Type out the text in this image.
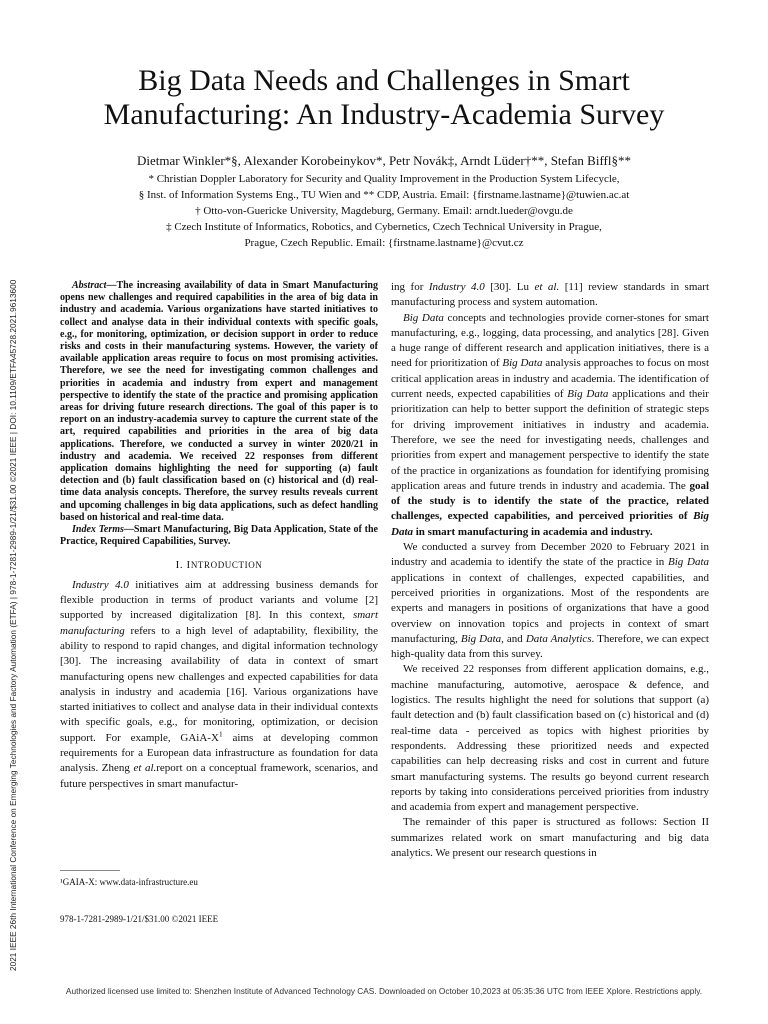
2021 IEEE 26th International Conference on Emerging Technologies and Factory Automation (ETFA) | 978-1-7281-2989-1/21/$31.00 ©2021 IEEE | DOI: 10.1109/ETFA45728.2021.9613600
Big Data Needs and Challenges in Smart
Manufacturing: An Industry-Academia Survey
Dietmar Winkler*§, Alexander Korobeinykov*, Petr Novák‡, Arndt Lüder†**, Stefan Biffl§**
* Christian Doppler Laboratory for Security and Quality Improvement in the Production System Lifecycle,
§ Inst. of Information Systems Eng., TU Wien and ** CDP, Austria. Email: {firstname.lastname}@tuwien.ac.at
† Otto-von-Guericke University, Magdeburg, Germany. Email: arndt.lueder@ovgu.de
‡ Czech Institute of Informatics, Robotics, and Cybernetics, Czech Technical University in Prague,
Prague, Czech Republic. Email: {firstname.lastname}@cvut.cz

Abstract—The increasing availability of data in Smart Manufacturing opens new challenges and required capabilities in the area of big data in industry and academia. Various organizations have started initiatives to collect and analyse data in their individual contexts with specific goals, e.g., for monitoring, optimization, or decision support in order to reduce risks and costs in their manufacturing systems. However, the variety of available application areas require to focus on most promising activities. Therefore, we see the need for investigating common challenges and priorities in academia and industry from expert and management perspective to identify the state of the practice and promising application areas for driving future research directions. The goal of this paper is to report on an industry-academia survey to capture the current state of the art, required capabilities and priorities in the area of big data applications. Therefore, we conducted a survey in winter 2020/21 in industry and academia. We received 22 responses from different application domains highlighting the need for supporting (a) fault detection and (b) fault classification based on (c) historical and (d) real-time data analysis concepts. Therefore, the survey results reveals current and upcoming challenges in big data applications, such as defect handling based on historical and real-time data.

Index Terms—Smart Manufacturing, Big Data Application, State of the Practice, Required Capabilities, Survey.

I. INTRODUCTION

Industry 4.0 initiatives aim at addressing business demands for flexible production in terms of product variants and volume [2] supported by increased digitalization [8]. In this context, smart manufacturing refers to a high level of adaptability, flexibility, the ability to respond to rapid changes, and digital information technology [30]. The increasing availability of data in context of smart manufacturing opens new challenges and expected capabilities for data analysis in industry and academia [16]. Various organizations have started initiatives to collect and analyse data in their individual contexts with specific goals, e.g., for monitoring, optimization, or decision support. For example, GAiA-$X^1$ aims at developing common requirements for a European data infrastructure as foundation for data analysis. Zheng et al.report on a conceptual framework, scenarios, and future perspectives in smart manufactur-

¹GAIA-X: www.data-infrastructure.eu
978-1-7281-2989-1/21/$31.00 ©2021 IEEE

ing for Industry 4.0 [30]. Lu et al. [11] review standards in smart manufacturing process and system automation.

Big Data concepts and technologies provide corner-stones for smart manufacturing, e.g., logging, data processing, and analytics [28]. Given a huge range of different research and application initiatives, there is a need for prioritization of Big Data analysis approaches to focus on most critical application areas in industry and academia. The identification of current needs, expected capabilities of Big Data applications and their prioritization can help to better support the definition of strategic steps for driving improvement initiatives in industry and academia. Therefore, we see the need for investigating needs, challenges and priorities from expert and management perspective to identify the state of the practice in organizations as foundation for identifying promising application areas and future trends in industry and academia. The goal of the study is to identify the state of the practice, related challenges, expected capabilities, and perceived priorities of Big Data in smart manufacturing in academia and industry.

We conducted a survey from December 2020 to February 2021 in industry and academia to identify the state of the practice in Big Data applications in context of challenges, expected capabilities, and perceived priorities in organizations. Most of the respondents are experts and managers in positions of organizations that have a good overview on innovation topics and projects in context of smart manufacturing, Big Data, and Data Analytics. Therefore, we can expect high-quality data from this survey.

We received 22 responses from different application domains, e.g., machine manufacturing, automotive, aerospace & defence, and logistics. The results highlight the need for solutions that support (a) fault detection and (b) fault classification based on (c) historical and (d) real-time data - perceived as topics with highest priorities by respondents. Addressing these prioritized needs and expected capabilities can help decreasing risks and cost in current and future smart manufacturing systems. The results go beyond current research reports by taking into considerations perceived priorities from industry and academia from expert and management perspective.

The remainder of this paper is structured as follows: Section II summarizes related work on smart manufacturing and big data analytics. We present our research questions in

Authorized licensed use limited to: Shenzhen Institute of Advanced Technology CAS. Downloaded on October 10,2023 at 05:35:36 UTC from IEEE Xplore. Restrictions apply.
